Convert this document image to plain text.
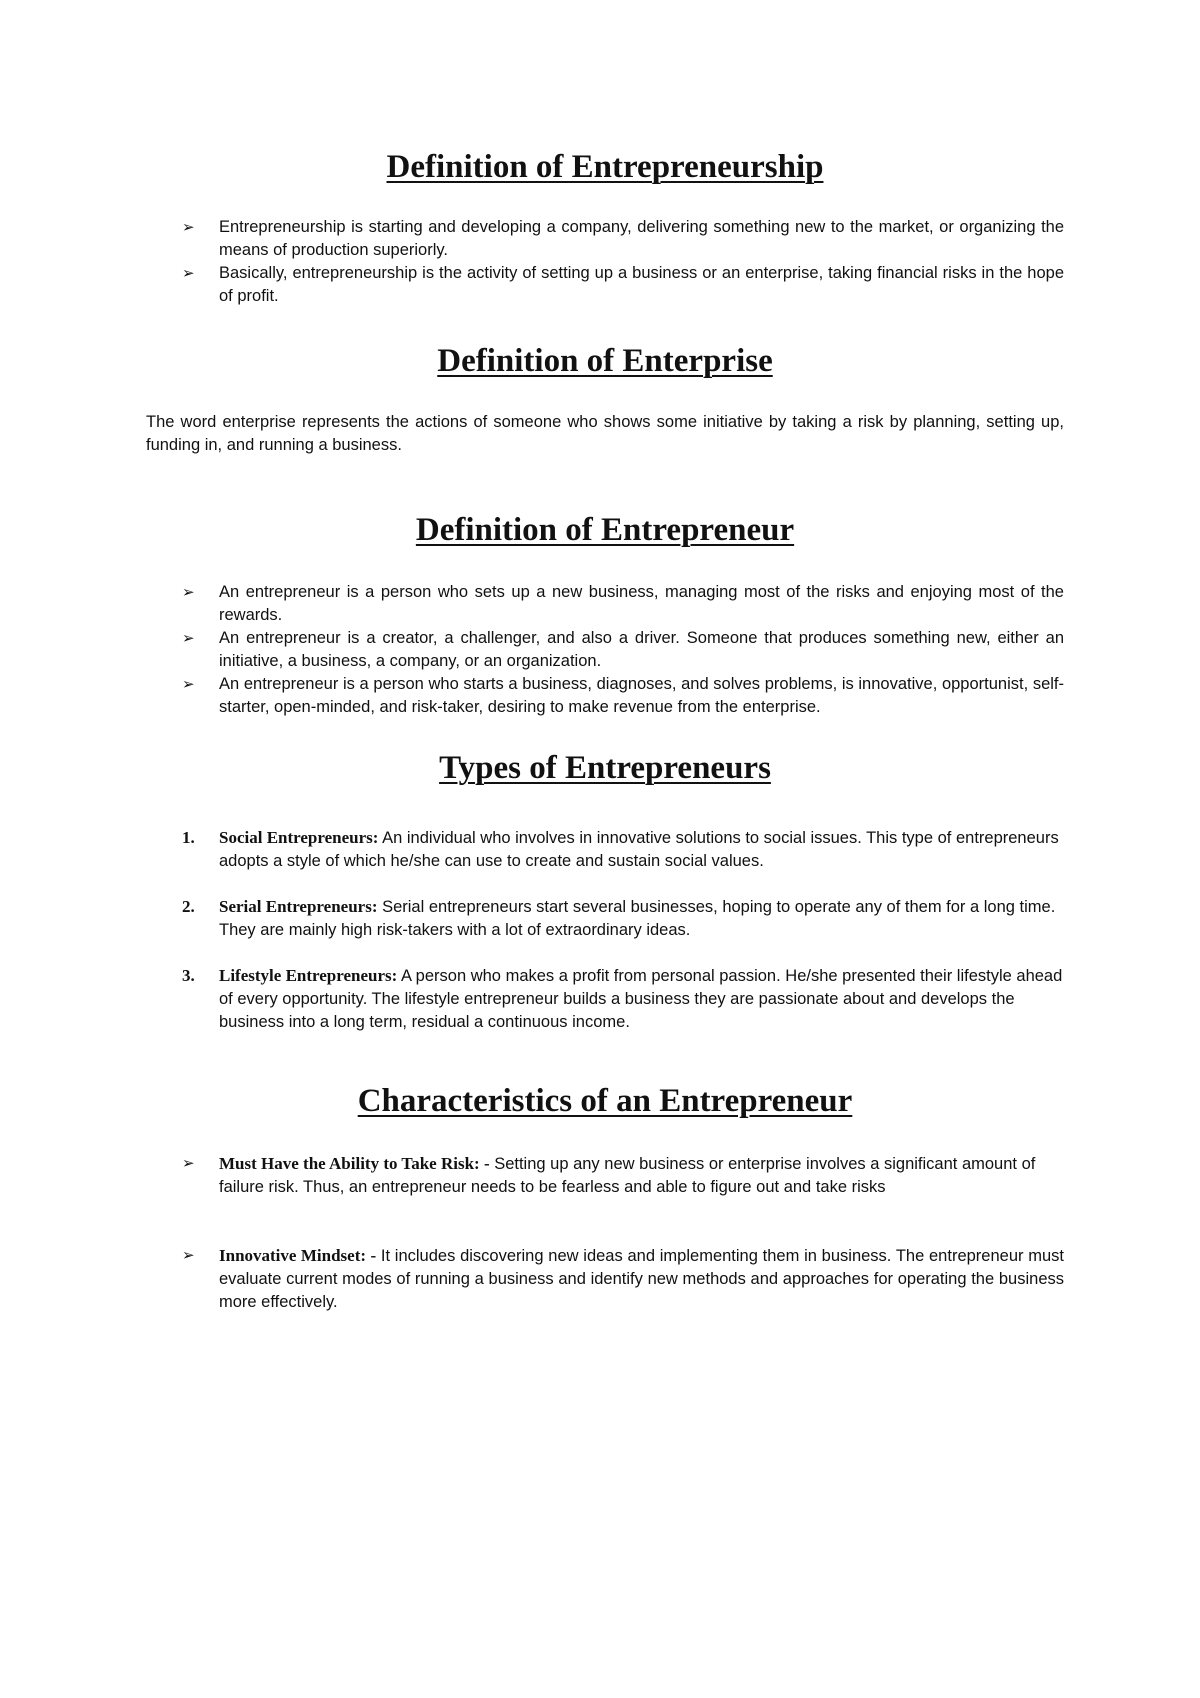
Definition of Entrepreneurship
➢	Entrepreneurship is starting and developing a company, delivering something new to the market, or organizing the means of production superiorly.
➢	Basically, entrepreneurship is the activity of setting up a business or an enterprise, taking financial risks in the hope of profit.
Definition of Enterprise

The word enterprise represents the actions of someone who shows some initiative by taking a risk by planning, setting up, funding in, and running a business.

Definition of Entrepreneur
➢	An entrepreneur is a person who sets up a new business, managing most of the risks and enjoying most of the rewards.
➢	An entrepreneur is a creator, a challenger, and also a driver. Someone that produces something new, either an initiative, a business, a company, or an organization.
➢	An entrepreneur is a person who starts a business, diagnoses, and solves problems, is innovative, opportunist, self-starter, open-minded, and risk-taker, desiring to make revenue from the enterprise.
Types of Entrepreneurs
1.	Social Entrepreneurs: An individual who involves in innovative solutions to social issues. This type of entrepreneurs adopts a style of which he/she can use to create and sustain social values.
2.	Serial Entrepreneurs: Serial entrepreneurs start several businesses, hoping to operate any of them for a long time. They are mainly high risk-takers with a lot of extraordinary ideas.
3.	Lifestyle Entrepreneurs: A person who makes a profit from personal passion. He/she presented their lifestyle ahead of every opportunity. The lifestyle entrepreneur builds a business they are passionate about and develops the business into a long term, residual a continuous income.
Characteristics of an Entrepreneur
➢	Must Have the Ability to Take Risk: - Setting up any new business or enterprise involves a significant amount of failure risk. Thus, an entrepreneur needs to be fearless and able to figure out and take risks
➢	Innovative Mindset: - It includes discovering new ideas and implementing them in business. The entrepreneur must evaluate current modes of running a business and identify new methods and approaches for operating the business more effectively.
